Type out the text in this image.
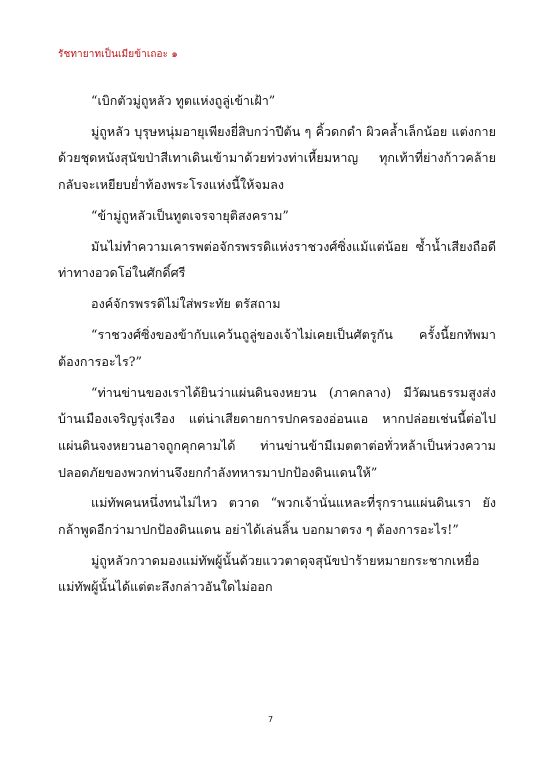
รัชทายาทเป็นเมียข้าเถอะ ๑

“เบิกตัวมู่ถูหลัว ทูตแห่งถูลู่เข้าเฝ้า”

มู่ถูหลัว บุรุษหนุ่มอายุเพียงยี่สิบกว่าปีต้น ๆ คิ้วดกดำ ผิวคล้ำเล็กน้อย แต่งกายด้วยชุดหนังสุนัขป่าสีเทาเดินเข้ามาด้วยท่วงท่าเหี้ยมหาญ ทุกเท้าที่ย่างก้าวคล้ายกลับจะเหยียบย่ำท้องพระโรงแห่งนี้ให้จมลง

“ข้ามู่ถูหลัวเป็นทูตเจรจายุติสงคราม”

มันไม่ทำความเคารพต่อจักรพรรดิแห่งราชวงศ์ซิ่งแม้แต่น้อย ซ้ำน้ำเสียงถือดีท่าทางอวดโอ่ในศักดิ์ศรี

องค์จักรพรรดิไม่ใส่พระทัย ตรัสถาม

“ราชวงศ์ซิ่งของข้ากับแคว้นถูลู่ของเจ้าไม่เคยเป็นศัตรูกัน ครั้งนี้ยกทัพมาต้องการอะไร?”

“ท่านข่านของเราได้ยินว่าแผ่นดินจงหยวน (ภาคกลาง) มีวัฒนธรรมสูงส่ง บ้านเมืองเจริญรุ่งเรือง แต่น่าเสียดายการปกครองอ่อนแอ หากปล่อยเช่นนี้ต่อไป แผ่นดินจงหยวนอาจถูกคุกคามได้ ท่านข่านข้ามีเมตตาต่อทั่วหล้าเป็นห่วงความปลอดภัยของพวกท่านจึงยกกำลังทหารมาปกป้องดินแดนให้”

แม่ทัพคนหนึ่งทนไม่ไหว ตวาด “พวกเจ้านั่นแหละที่รุกรานแผ่นดินเรา ยังกล้าพูดอีกว่ามาปกป้องดินแดน อย่าได้เล่นลิ้น บอกมาตรง ๆ ต้องการอะไร!”

มู่ถูหลัวกวาดมองแม่ทัพผู้นั้นด้วยแววตาดุจสุนัขป่าร้ายหมายกระชากเหยื่อ แม่ทัพผู้นั้นได้แต่ตะลึงกล่าวอันใดไม่ออก

7
